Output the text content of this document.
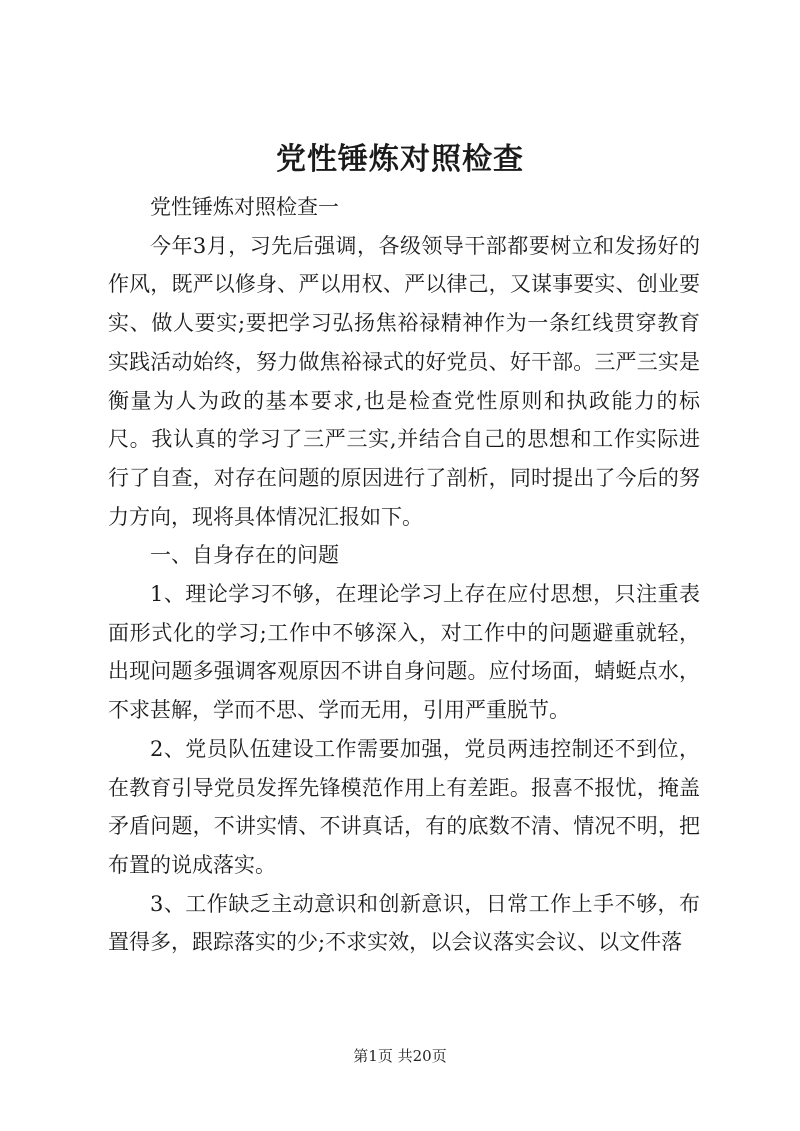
党性锤炼对照检查

党性锤炼对照检查一

今年3月，习先后强调，各级领导干部都要树立和发扬好的作风，既严以修身、严以用权、严以律己，又谋事要实、创业要实、做人要实;要把学习弘扬焦裕禄精神作为一条红线贯穿教育实践活动始终，努力做焦裕禄式的好党员、好干部。三严三实是衡量为人为政的基本要求,也是检查党性原则和执政能力的标尺。我认真的学习了三严三实,并结合自己的思想和工作实际进行了自查，对存在问题的原因进行了剖析，同时提出了今后的努力方向，现将具体情况汇报如下。

一、自身存在的问题

1、理论学习不够，在理论学习上存在应付思想，只注重表面形式化的学习;工作中不够深入，对工作中的问题避重就轻，出现问题多强调客观原因不讲自身问题。应付场面，蜻蜓点水，不求甚解，学而不思、学而无用，引用严重脱节。

2、党员队伍建设工作需要加强，党员两违控制还不到位，在教育引导党员发挥先锋模范作用上有差距。报喜不报忧，掩盖矛盾问题，不讲实情、不讲真话，有的底数不清、情况不明，把布置的说成落实。

3、工作缺乏主动意识和创新意识，日常工作上手不够，布置得多，跟踪落实的少;不求实效，以会议落实会议、以文件落

第1页 共20页
